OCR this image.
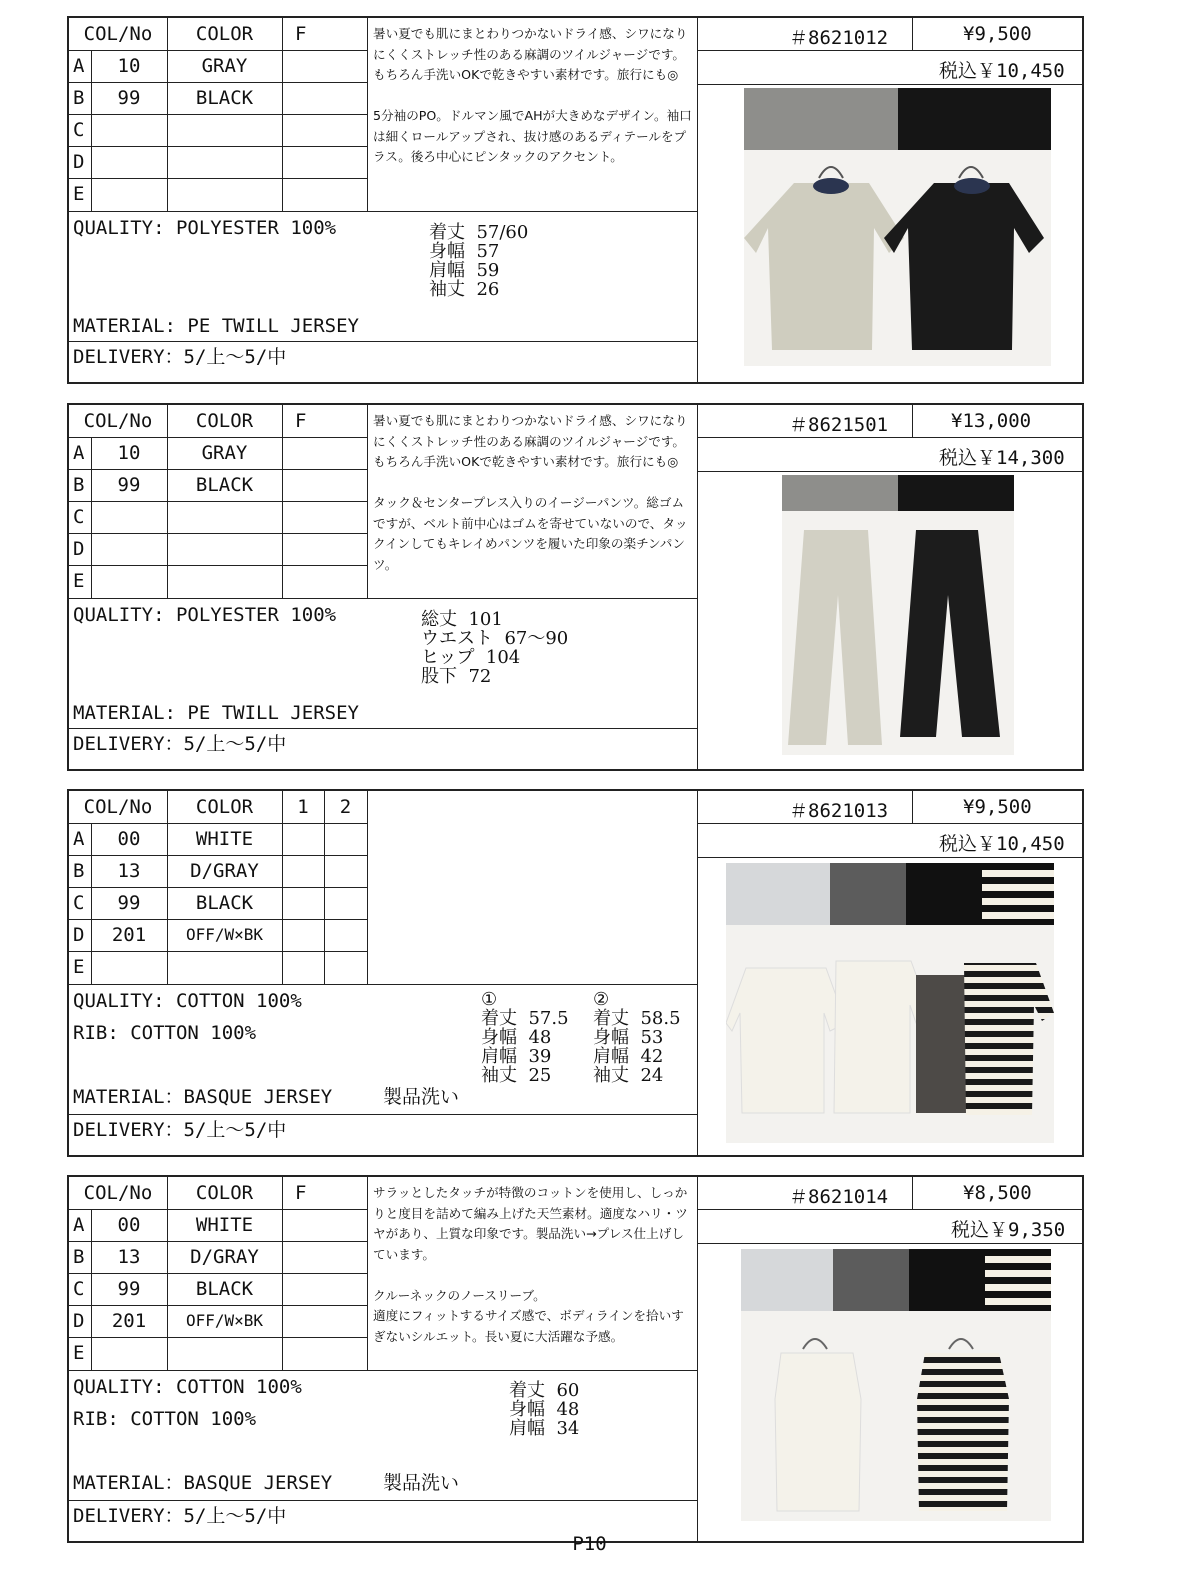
COL/No	COLOR	F
A	10	GRAY
B	99	BLACK
C
D
E
暑い夏でも肌にまとわりつかないドライ感、シワになりにくくストレッチ性のある麻調のツイルジャージです。もちろん手洗いOKで乾きやすい素材です。旅行にも◎

5分袖のPO。ドルマン風でAHが大きめなデザイン。袖口は細くロールアップされ、抜け感のあるディテールをプラス。後ろ中心にピンタックのアクセント。
QUALITY: POLYESTER 100%	着丈  57/60
身幅  57
肩幅  59
袖丈  26
MATERIAL: PE TWILL JERSEY
DELIVERY：5/上～5/中
＃8621012	¥9,500
税込￥10,450
COL/No	COLOR	F
A	10	GRAY
B	99	BLACK
C
D
E
暑い夏でも肌にまとわりつかないドライ感、シワになりにくくストレッチ性のある麻調のツイルジャージです。もちろん手洗いOKで乾きやすい素材です。旅行にも◎

タック＆センタープレス入りのイージーパンツ。総ゴムですが、ベルト前中心はゴムを寄せていないので、タックインしてもキレイめパンツを履いた印象の楽チンパンツ。
QUALITY: POLYESTER 100%	総丈  101
ウエスト  67～90
ヒップ  104
股下  72
MATERIAL: PE TWILL JERSEY
DELIVERY：5/上～5/中
＃8621501	¥13,000
税込￥14,300
COL/No	COLOR	1	2
A	00	WHITE
B	13	D/GRAY
C	99	BLACK
D	201	OFF/W×BK
E
QUALITY: COTTON 100%
RIB: COTTON 100%
①
着丈  57.5
身幅  48
肩幅  39
袖丈  25
②
着丈  58.5
身幅  53
肩幅  42
袖丈  24
MATERIAL：BASQUE JERSEY	製品洗い
DELIVERY：5/上～5/中
＃8621013	¥9,500
税込￥10,450
COL/No	COLOR	F
A	00	WHITE
B	13	D/GRAY
C	99	BLACK
D	201	OFF/W×BK
E
サラッとしたタッチが特徴のコットンを使用し、しっかりと度目を詰めて編み上げた天竺素材。適度なハリ・ツヤがあり、上質な印象です。製品洗い→プレス仕上げしています。

クルーネックのノースリーブ。
適度にフィットするサイズ感で、ボディラインを拾いすぎないシルエット。長い夏に大活躍な予感。
QUALITY: COTTON 100%
RIB: COTTON 100%
着丈  60
身幅  48
肩幅  34
MATERIAL：BASQUE JERSEY	製品洗い
DELIVERY：5/上～5/中
＃8621014	¥8,500
税込￥9,350
P10
